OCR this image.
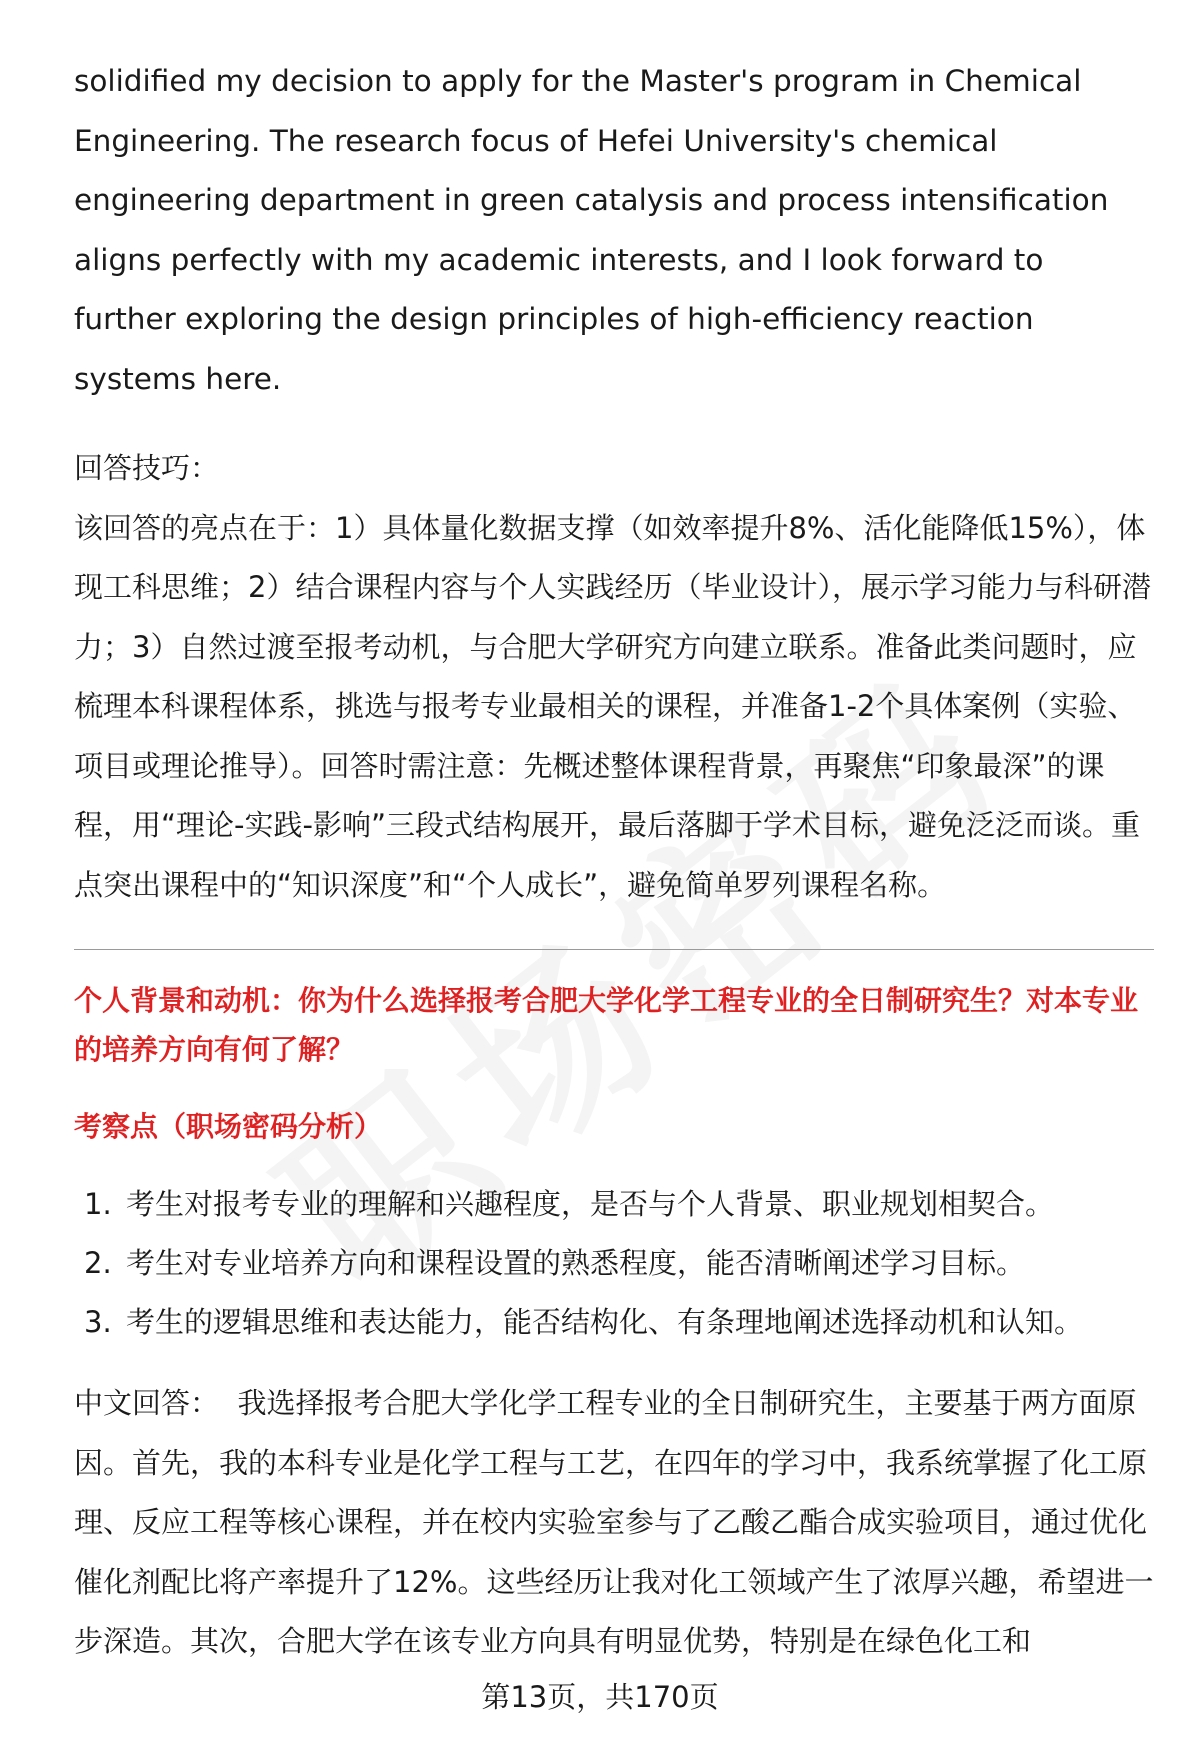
solidified my decision to apply for the Master's program in Chemical Engineering. The research focus of Hefei University's chemical engineering department in green catalysis and process intensification aligns perfectly with my academic interests, and I look forward to further exploring the design principles of high-efficiency reaction systems here.

回答技巧：

该回答的亮点在于：1）具体量化数据支撑（如效率提升8%、活化能降低15%），体现工科思维；2）结合课程内容与个人实践经历（毕业设计），展示学习能力与科研潜力；3）自然过渡至报考动机，与合肥大学研究方向建立联系。准备此类问题时，应梳理本科课程体系，挑选与报考专业最相关的课程，并准备1-2个具体案例（实验、项目或理论推导）。回答时需注意：先概述整体课程背景，再聚焦“印象最深”的课程，用“理论-实践-影响”三段式结构展开，最后落脚于学术目标，避免泛泛而谈。重点突出课程中的“知识深度”和“个人成长”，避免简单罗列课程名称。

个人背景和动机：你为什么选择报考合肥大学化学工程专业的全日制研究生？对本专业的培养方向有何了解？

考察点（职场密码分析）

1. 考生对报考专业的理解和兴趣程度，是否与个人背景、职业规划相契合。
2. 考生对专业培养方向和课程设置的熟悉程度，能否清晰阐述学习目标。
3. 考生的逻辑思维和表达能力，能否结构化、有条理地阐述选择动机和认知。

中文回答： 我选择报考合肥大学化学工程专业的全日制研究生，主要基于两方面原因。首先，我的本科专业是化学工程与工艺，在四年的学习中，我系统掌握了化工原理、反应工程等核心课程，并在校内实验室参与了乙酸乙酯合成实验项目，通过优化催化剂配比将产率提升了12%。这些经历让我对化工领域产生了浓厚兴趣，希望进一步深造。其次，合肥大学在该专业方向具有明显优势，特别是在绿色化工和

第13页，共170页
